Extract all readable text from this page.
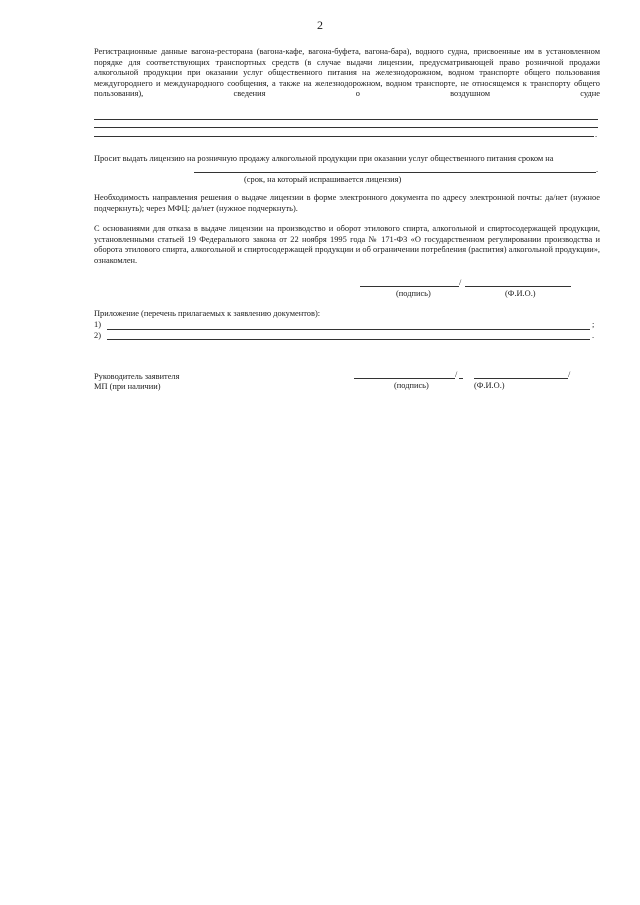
2
Регистрационные данные вагона-ресторана (вагона-кафе, вагона-буфета, вагона-бара), водного судна, присвоенные им в установленном порядке для соответствующих транспортных средств (в случае выдачи лицензии, предусматривающей право розничной продажи алкогольной продукции при оказании услуг общественного питания на железнодорожном, водном транспорте общего пользования междугороднего и международного сообщения, а также на железнодорожном, водном транспорте, не относящемся к транспорту общего пользования), сведения о воздушном судне
.
Просит выдать лицензию на розничную продажу алкогольной продукции при оказании услуг общественного питания сроком на
.
(срок, на который испрашивается лицензия)
Необходимость направления решения о выдаче лицензии в форме электронного документа по адресу электронной почты: да/нет (нужное подчеркнуть); через МФЦ: да/нет (нужное подчеркнуть).
С основаниями для отказа в выдаче лицензии на производство и оборот этилового спирта, алкогольной и спиртосодержащей продукции, установленными статьей 19 Федерального закона от 22 ноября 1995 года № 171-ФЗ «О государственном регулировании производства и оборота этилового спирта, алкогольной и спиртосодержащей продукции и об ограничении потребления (распития) алкогольной продукции», ознакомлен.
/
(подпись)	(Ф.И.О.)
Приложение (перечень прилагаемых к заявлению документов):
1)	;
2)	.
Руководитель заявителя
МП (при наличии)
/	/
(подпись)	(Ф.И.О.)
